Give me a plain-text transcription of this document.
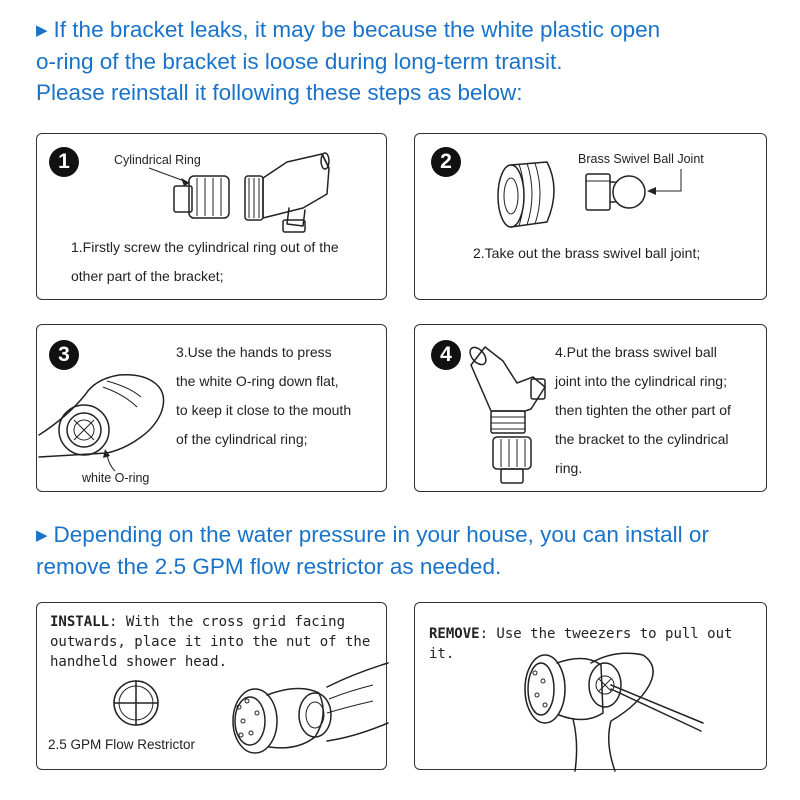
▶ If the bracket leaks, it may be because the white plastic open
o-ring of the bracket is loose during long-term transit.
Please reinstall it following these steps as below:
1	Cylindrical Ring
1.Firstly screw the cylindrical ring out of the
other part of the bracket;
2	Brass Swivel Ball Joint
2.Take out the brass swivel ball joint;
3
white O-ring
3.Use the hands to press
the white O-ring down flat,
to keep it close to the mouth
of the cylindrical ring;
4	4.Put the brass swivel ball
joint into the cylindrical ring;
then tighten the other part of
the bracket to the cylindrical
ring.
▶ Depending on the water pressure in your house, you can install or
remove the 2.5 GPM flow restrictor as needed.
INSTALL: With the cross grid facing
outwards, place it into the nut of the
handheld shower head.
2.5 GPM Flow Restrictor
REMOVE: Use the tweezers to pull out it.
